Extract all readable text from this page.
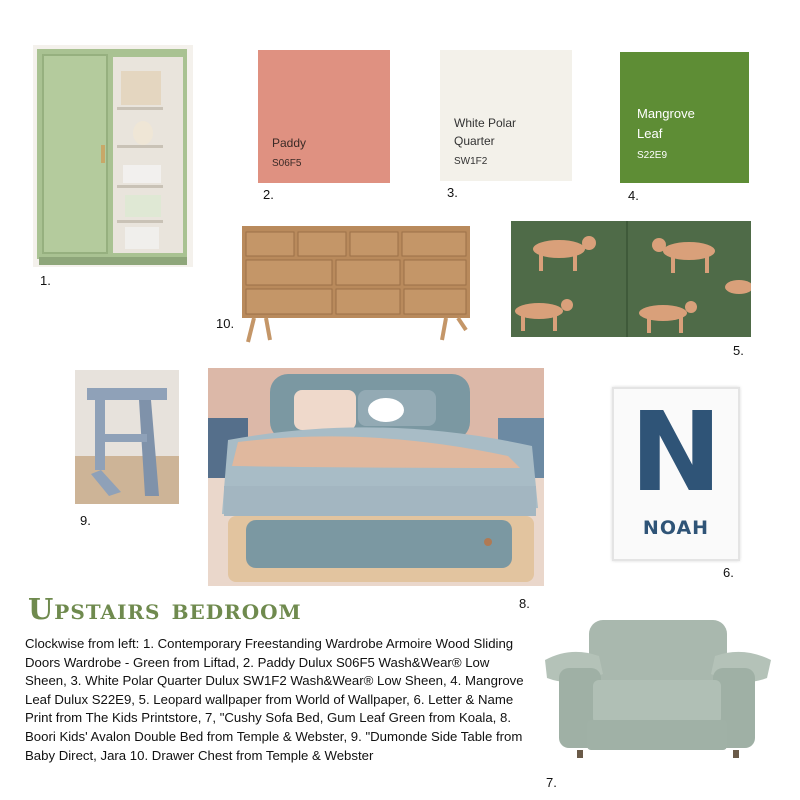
1.
Paddy
S06F5
2.
White Polar
Quarter
SW1F2
3.
Mangrove
Leaf
S22E9
4.
10.
5.
9.
8.
N
NOAH
6.
Upstairs bedroom
Clockwise from left: 1. Contemporary Freestanding Wardrobe Armoire Wood Sliding Doors Wardrobe - Green from Liftad, 2. Paddy Dulux S06F5 Wash&Wear® Low Sheen, 3. White Polar Quarter Dulux SW1F2 Wash&Wear® Low Sheen, 4. Mangrove Leaf Dulux S22E9, 5. Leopard wallpaper from World of Wallpaper, 6. Letter & Name Print from The Kids Printstore, 7, "Cushy Sofa Bed, Gum Leaf Green from Koala, 8. Boori Kids' Avalon Double Bed from Temple & Webster, 9. "Dumonde Side Table from Baby Direct, Jara 10. Drawer Chest from Temple & Webster
7.
